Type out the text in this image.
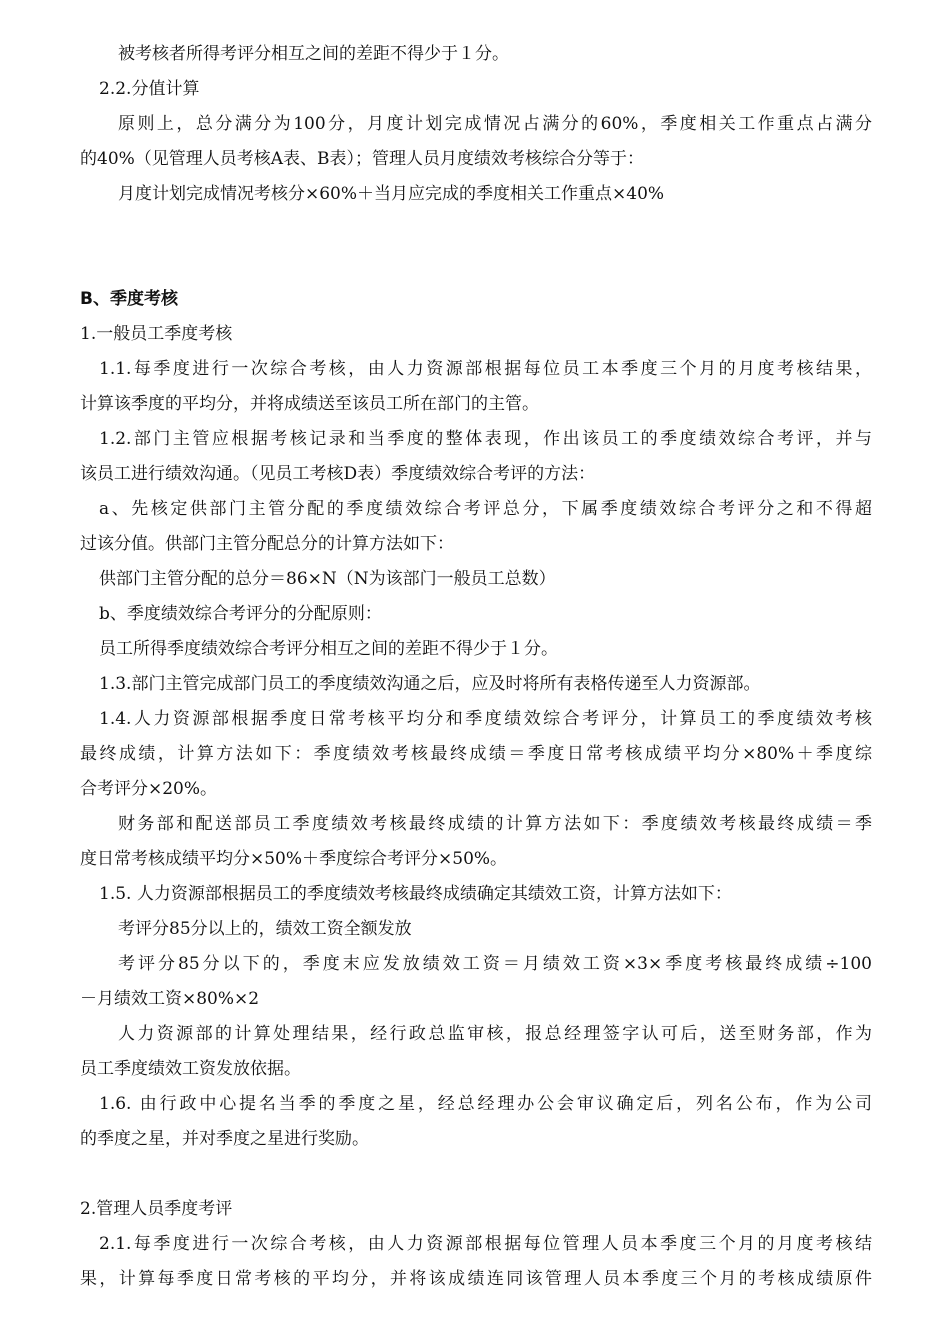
被考核者所得考评分相互之间的差距不得少于１分。
2.2.分值计算
原则上，总分满分为100分，月度计划完成情况占满分的60%，季度相关工作重点占满分
的40%（见管理人员考核A表、B表）；管理人员月度绩效考核综合分等于：
月度计划完成情况考核分×60%＋当月应完成的季度相关工作重点×40%
B、季度考核
1.一般员工季度考核
1.1.每季度进行一次综合考核，由人力资源部根据每位员工本季度三个月的月度考核结果，
计算该季度的平均分，并将成绩送至该员工所在部门的主管。
1.2.部门主管应根据考核记录和当季度的整体表现，作出该员工的季度绩效综合考评，并与
该员工进行绩效沟通。（见员工考核D表）季度绩效综合考评的方法：
a、先核定供部门主管分配的季度绩效综合考评总分，下属季度绩效综合考评分之和不得超
过该分值。供部门主管分配总分的计算方法如下：
供部门主管分配的总分＝86×N（N为该部门一般员工总数）
b、季度绩效综合考评分的分配原则：
员工所得季度绩效综合考评分相互之间的差距不得少于１分。
1.3.部门主管完成部门员工的季度绩效沟通之后，应及时将所有表格传递至人力资源部。
1.4.人力资源部根据季度日常考核平均分和季度绩效综合考评分，计算员工的季度绩效考核
最终成绩，计算方法如下：季度绩效考核最终成绩＝季度日常考核成绩平均分×80%＋季度综
合考评分×20%。
财务部和配送部员工季度绩效考核最终成绩的计算方法如下：季度绩效考核最终成绩＝季
度日常考核成绩平均分×50%＋季度综合考评分×50%。
1.5. 人力资源部根据员工的季度绩效考核最终成绩确定其绩效工资，计算方法如下：
考评分85分以上的，绩效工资全额发放
考评分85分以下的，季度末应发放绩效工资＝月绩效工资×3×季度考核最终成绩÷100
－月绩效工资×80%×2
人力资源部的计算处理结果，经行政总监审核，报总经理签字认可后，送至财务部，作为
员工季度绩效工资发放依据。
1.6. 由行政中心提名当季的季度之星，经总经理办公会审议确定后，列名公布，作为公司
的季度之星，并对季度之星进行奖励。
2.管理人员季度考评
2.1.每季度进行一次综合考核，由人力资源部根据每位管理人员本季度三个月的月度考核结
果，计算每季度日常考核的平均分，并将该成绩连同该管理人员本季度三个月的考核成绩原件
